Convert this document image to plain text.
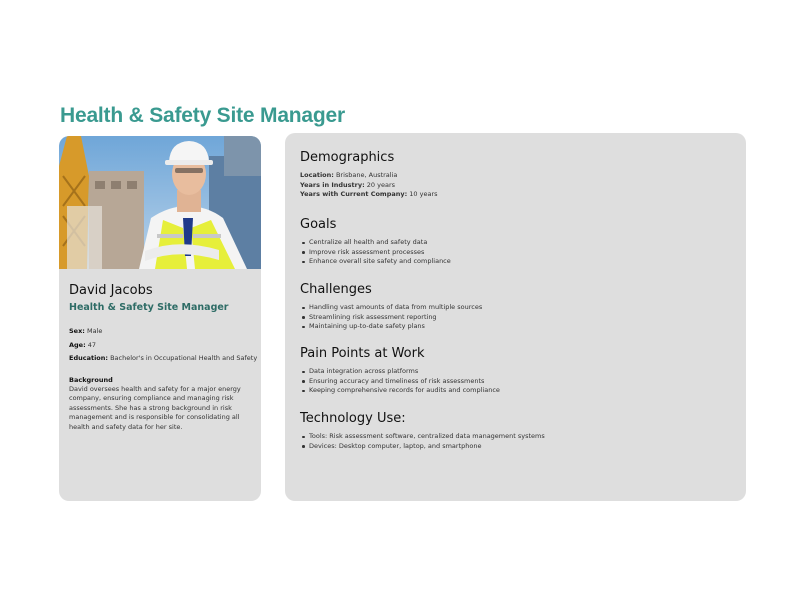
Health & Safety Site Manager
David Jacobs
Health & Safety Site Manager
Sex: Male
Age: 47
Education: Bachelor's in Occupational Health and Safety
Background
David oversees health and safety for a major energy company, ensuring compliance and managing risk assessments. She has a strong background in risk management and is responsible for consolidating all health and safety data for her site.
Demographics
Location: Brisbane, Australia
Years in Industry: 20 years
Years with Current Company: 10 years
Goals
Centralize all health and safety data
Improve risk assessment processes
Enhance overall site safety and compliance
Challenges
Handling vast amounts of data from multiple sources
Streamlining risk assessment reporting
Maintaining up-to-date safety plans
Pain Points at Work
Data integration across platforms
Ensuring accuracy and timeliness of risk assessments
Keeping comprehensive records for audits and compliance
Technology Use:
Tools: Risk assessment software, centralized data management systems
Devices: Desktop computer, laptop, and smartphone
